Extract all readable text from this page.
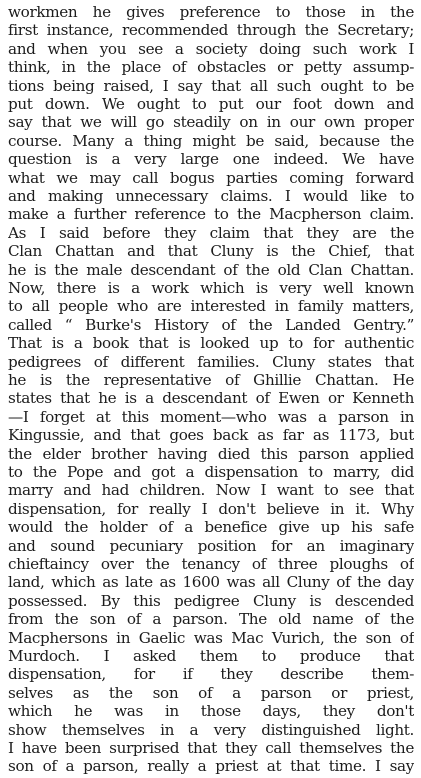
workmen he gives preference to those in the
first instance, recommended through the Secretary;
and when you see a society doing such work I
think, in the place of obstacles or petty assump-
tions being raised, I say that all such ought to be
put down. We ought to put our foot down and
say that we will go steadily on in our own proper
course. Many a thing might be said, because the
question is a very large one indeed. We have
what we may call bogus parties coming forward
and making unnecessary claims. I would like to
make a further reference to the Macpherson claim.
As I said before they claim that they are the
Clan Chattan and that Cluny is the Chief, that
he is the male descendant of the old Clan Chattan.
Now, there is a work which is very well known
to all people who are interested in family matters,
called “ Burke's History of the Landed Gentry.”
That is a book that is looked up to for authentic
pedigrees of different families. Cluny states that
he is the representative of Ghillie Chattan. He
states that he is a descendant of Ewen or Kenneth
—I forget at this moment—who was a parson in
Kingussie, and that goes back as far as 1173, but
the elder brother having died this parson applied
to the Pope and got a dispensation to marry, did
marry and had children. Now I want to see that
dispensation, for really I don't believe in it. Why
would the holder of a benefice give up his safe
and sound pecuniary position for an imaginary
chieftaincy over the tenancy of three ploughs of
land, which as late as 1600 was all Cluny of the day
possessed. By this pedigree Cluny is descended
from the son of a parson. The old name of the
Macphersons in Gaelic was Mac Vurich, the son of
Murdoch. I asked them to produce that
dispensation, for if they describe them-
selves as the son of a parson or priest,
which he was in those days, they don't
show themselves in a very distinguished light.
I have been surprised that they call themselves the
son of a parson, really a priest at that time. I say
